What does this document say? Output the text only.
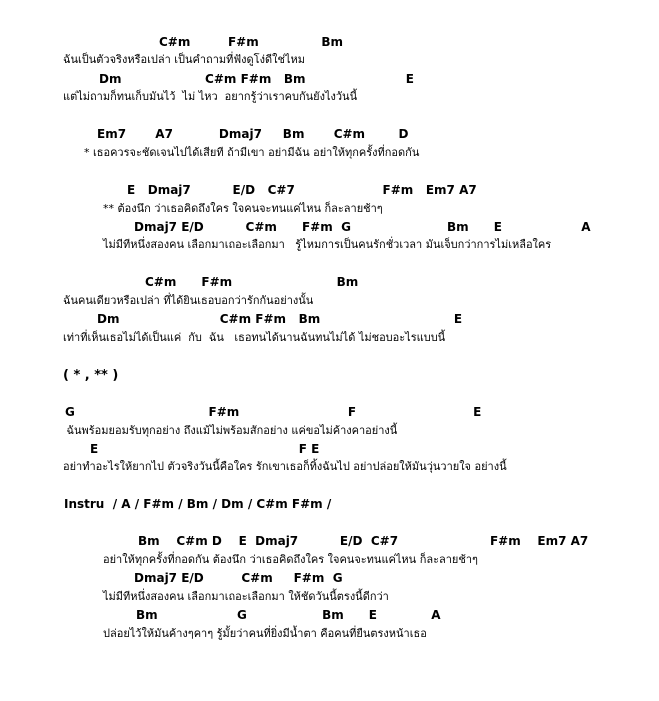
C#m         F#m               Bm
ฉันเป็นตัวจริงหรือเปล่า เป็นคำถามที่ฟังดูโง่ดีใช่ไหม
Dm                    C#m F#m   Bm                        E
แต่ไม่ถามก็ทนเก็บมันไว้  ไม่ ไหว  อยากรู้ว่าเราคบกันยังไงวันนี้
Em7       A7           Dmaj7     Bm       C#m        D
* เธอควรจะชัดเจนไปได้เสียที ถ้ามีเขา อย่ามีฉัน อย่าให้ทุกครั้งที่กอดกัน
E   Dmaj7          E/D   C#7                     F#m   Em7 A7
** ต้องนึก ว่าเธอคิดถึงใคร ใจคนจะทนแค่ไหน ก็ละลายช้าๆ
Dmaj7 E/D          C#m      F#m  G                       Bm      E                   A
ไม่มีทีหนึ่งสองคน เลือกมาเถอะเลือกมา   รู้ไหมการเป็นคนรักชั่วเวลา มันเจ็บกว่าการไม่เหลือใคร
C#m      F#m                         Bm
ฉันคนเดียวหรือเปล่า ที่ได้ยินเธอบอกว่ารักกันอย่างนั้น
Dm                        C#m F#m   Bm                                E
เท่าที่เห็นเธอไม่ได้เป็นแค่  กับ  ฉัน   เธอทนได้นานฉันทนไม่ได้ ไม่ชอบอะไรแบบนี้
( * , ** )
G                                F#m                          F                            E
ฉันพร้อมยอมรับทุกอย่าง ถึงแม้ไม่พร้อมสักอย่าง แค่ขอไม่ค้างคาอย่างนี้
E                                                F E
อย่าทำอะไรให้ยากไป ตัวจริงวันนี้คือใคร รักเขาเธอก็ทิ้งฉันไป อย่าปล่อยให้มันวุ่นวายใจ อย่างนี้
Instru  / A / F#m / Bm / Dm / C#m F#m /
Bm    C#m D    E  Dmaj7          E/D  C#7                      F#m    Em7 A7
อย่าให้ทุกครั้งที่กอดกัน ต้องนึก ว่าเธอคิดถึงใคร ใจคนจะทนแค่ไหน ก็ละลายช้าๆ
Dmaj7 E/D         C#m     F#m  G
ไม่มีทีหนึ่งสองคน เลือกมาเถอะเลือกมา ให้ชัดวันนี้ตรงนี้ดีกว่า
Bm                   G                  Bm      E             A
ปล่อยไว้ให้มันค้างๆคาๆ รู้มั้ยว่าคนที่ยิ่งมีน้ำตา คือคนที่ยืนตรงหน้าเธอ
